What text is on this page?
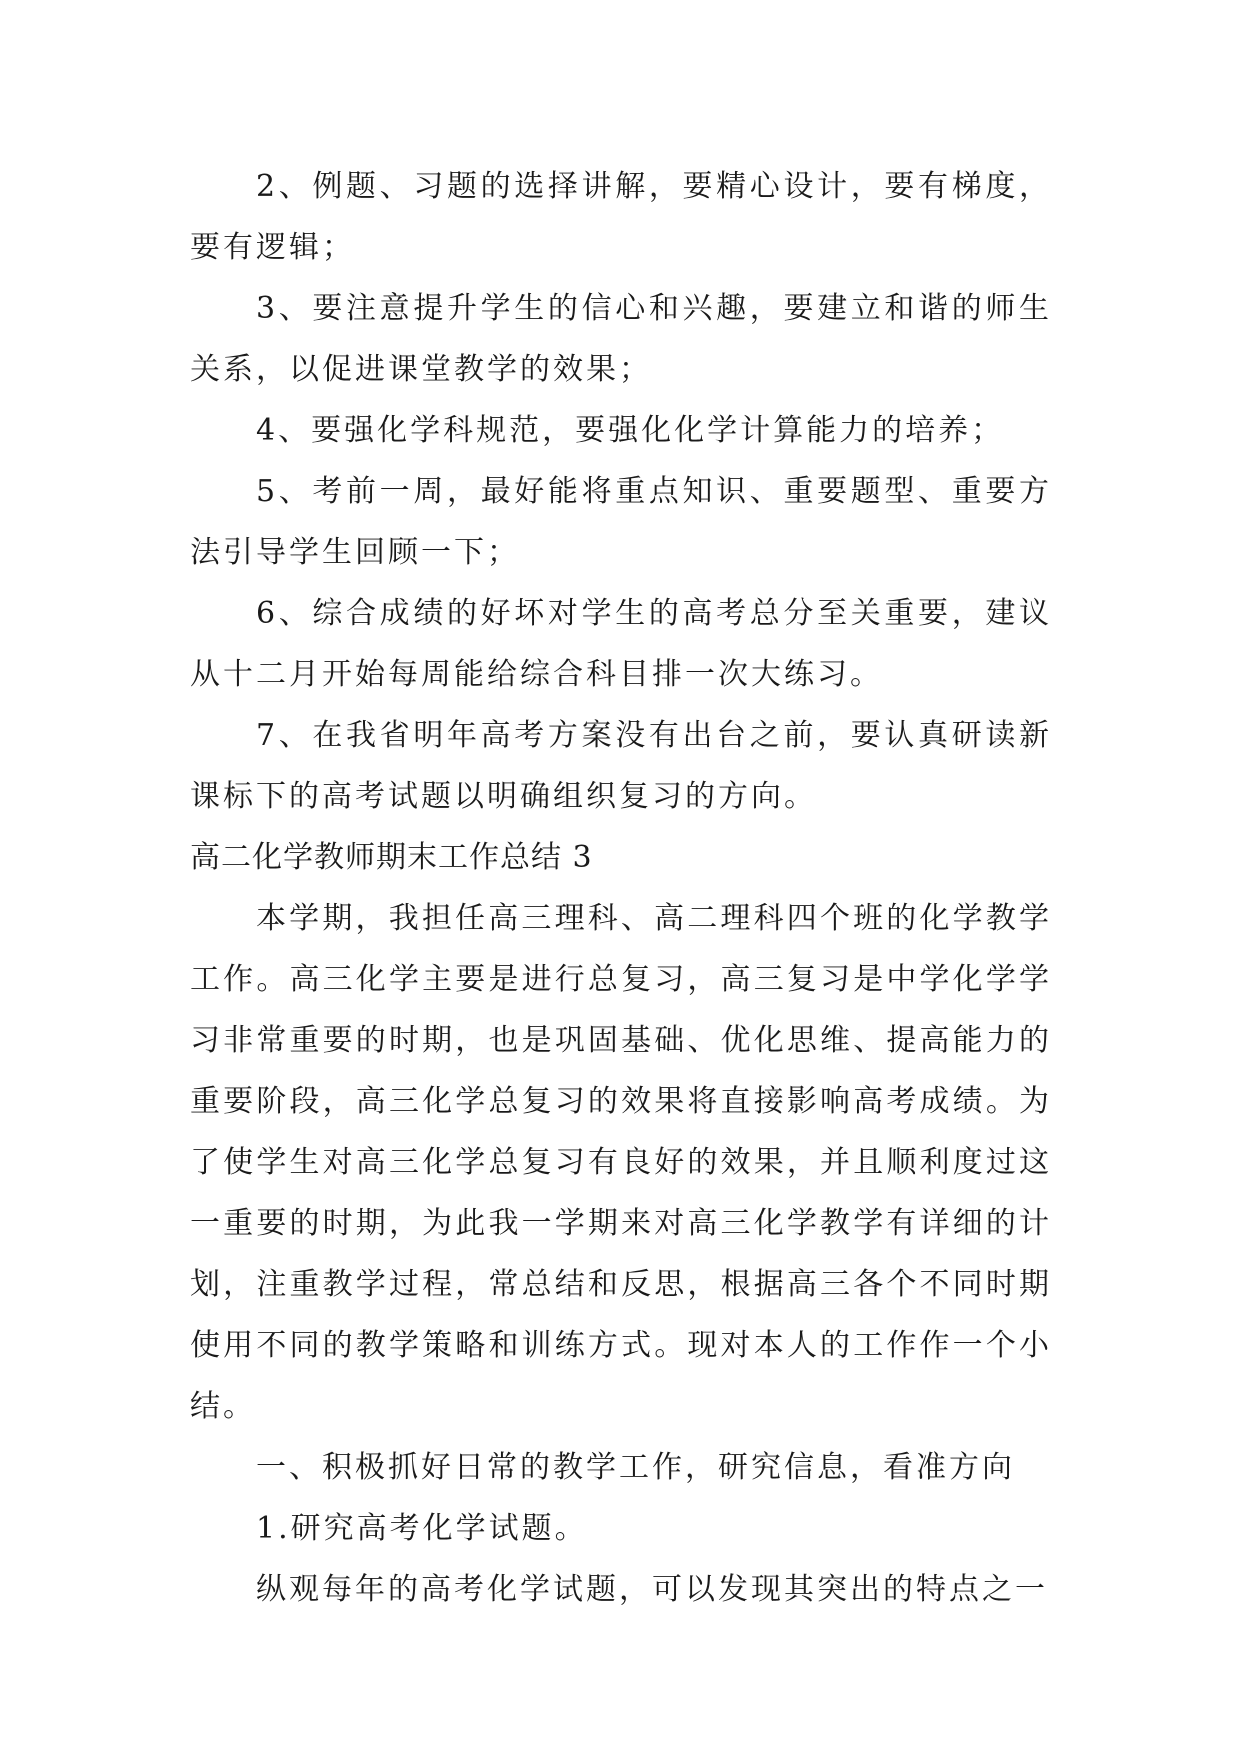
2、例题、习题的选择讲解，要精心设计，要有梯度，要有逻辑；

3、要注意提升学生的信心和兴趣，要建立和谐的师生关系，以促进课堂教学的效果；

4、要强化学科规范，要强化化学计算能力的培养；

5、考前一周，最好能将重点知识、重要题型、重要方法引导学生回顾一下；

6、综合成绩的好坏对学生的高考总分至关重要，建议从十二月开始每周能给综合科目排一次大练习。

7、在我省明年高考方案没有出台之前，要认真研读新课标下的高考试题以明确组织复习的方向。

高二化学教师期末工作总结 3

本学期，我担任高三理科、高二理科四个班的化学教学工作。高三化学主要是进行总复习，高三复习是中学化学学习非常重要的时期，也是巩固基础、优化思维、提高能力的重要阶段，高三化学总复习的效果将直接影响高考成绩。为了使学生对高三化学总复习有良好的效果，并且顺利度过这一重要的时期，为此我一学期来对高三化学教学有详细的计划，注重教学过程，常总结和反思，根据高三各个不同时期使用不同的教学策略和训练方式。现对本人的工作作一个小结。

一、积极抓好日常的教学工作，研究信息，看准方向

1.研究高考化学试题。

纵观每年的高考化学试题，可以发现其突出的特点之一
